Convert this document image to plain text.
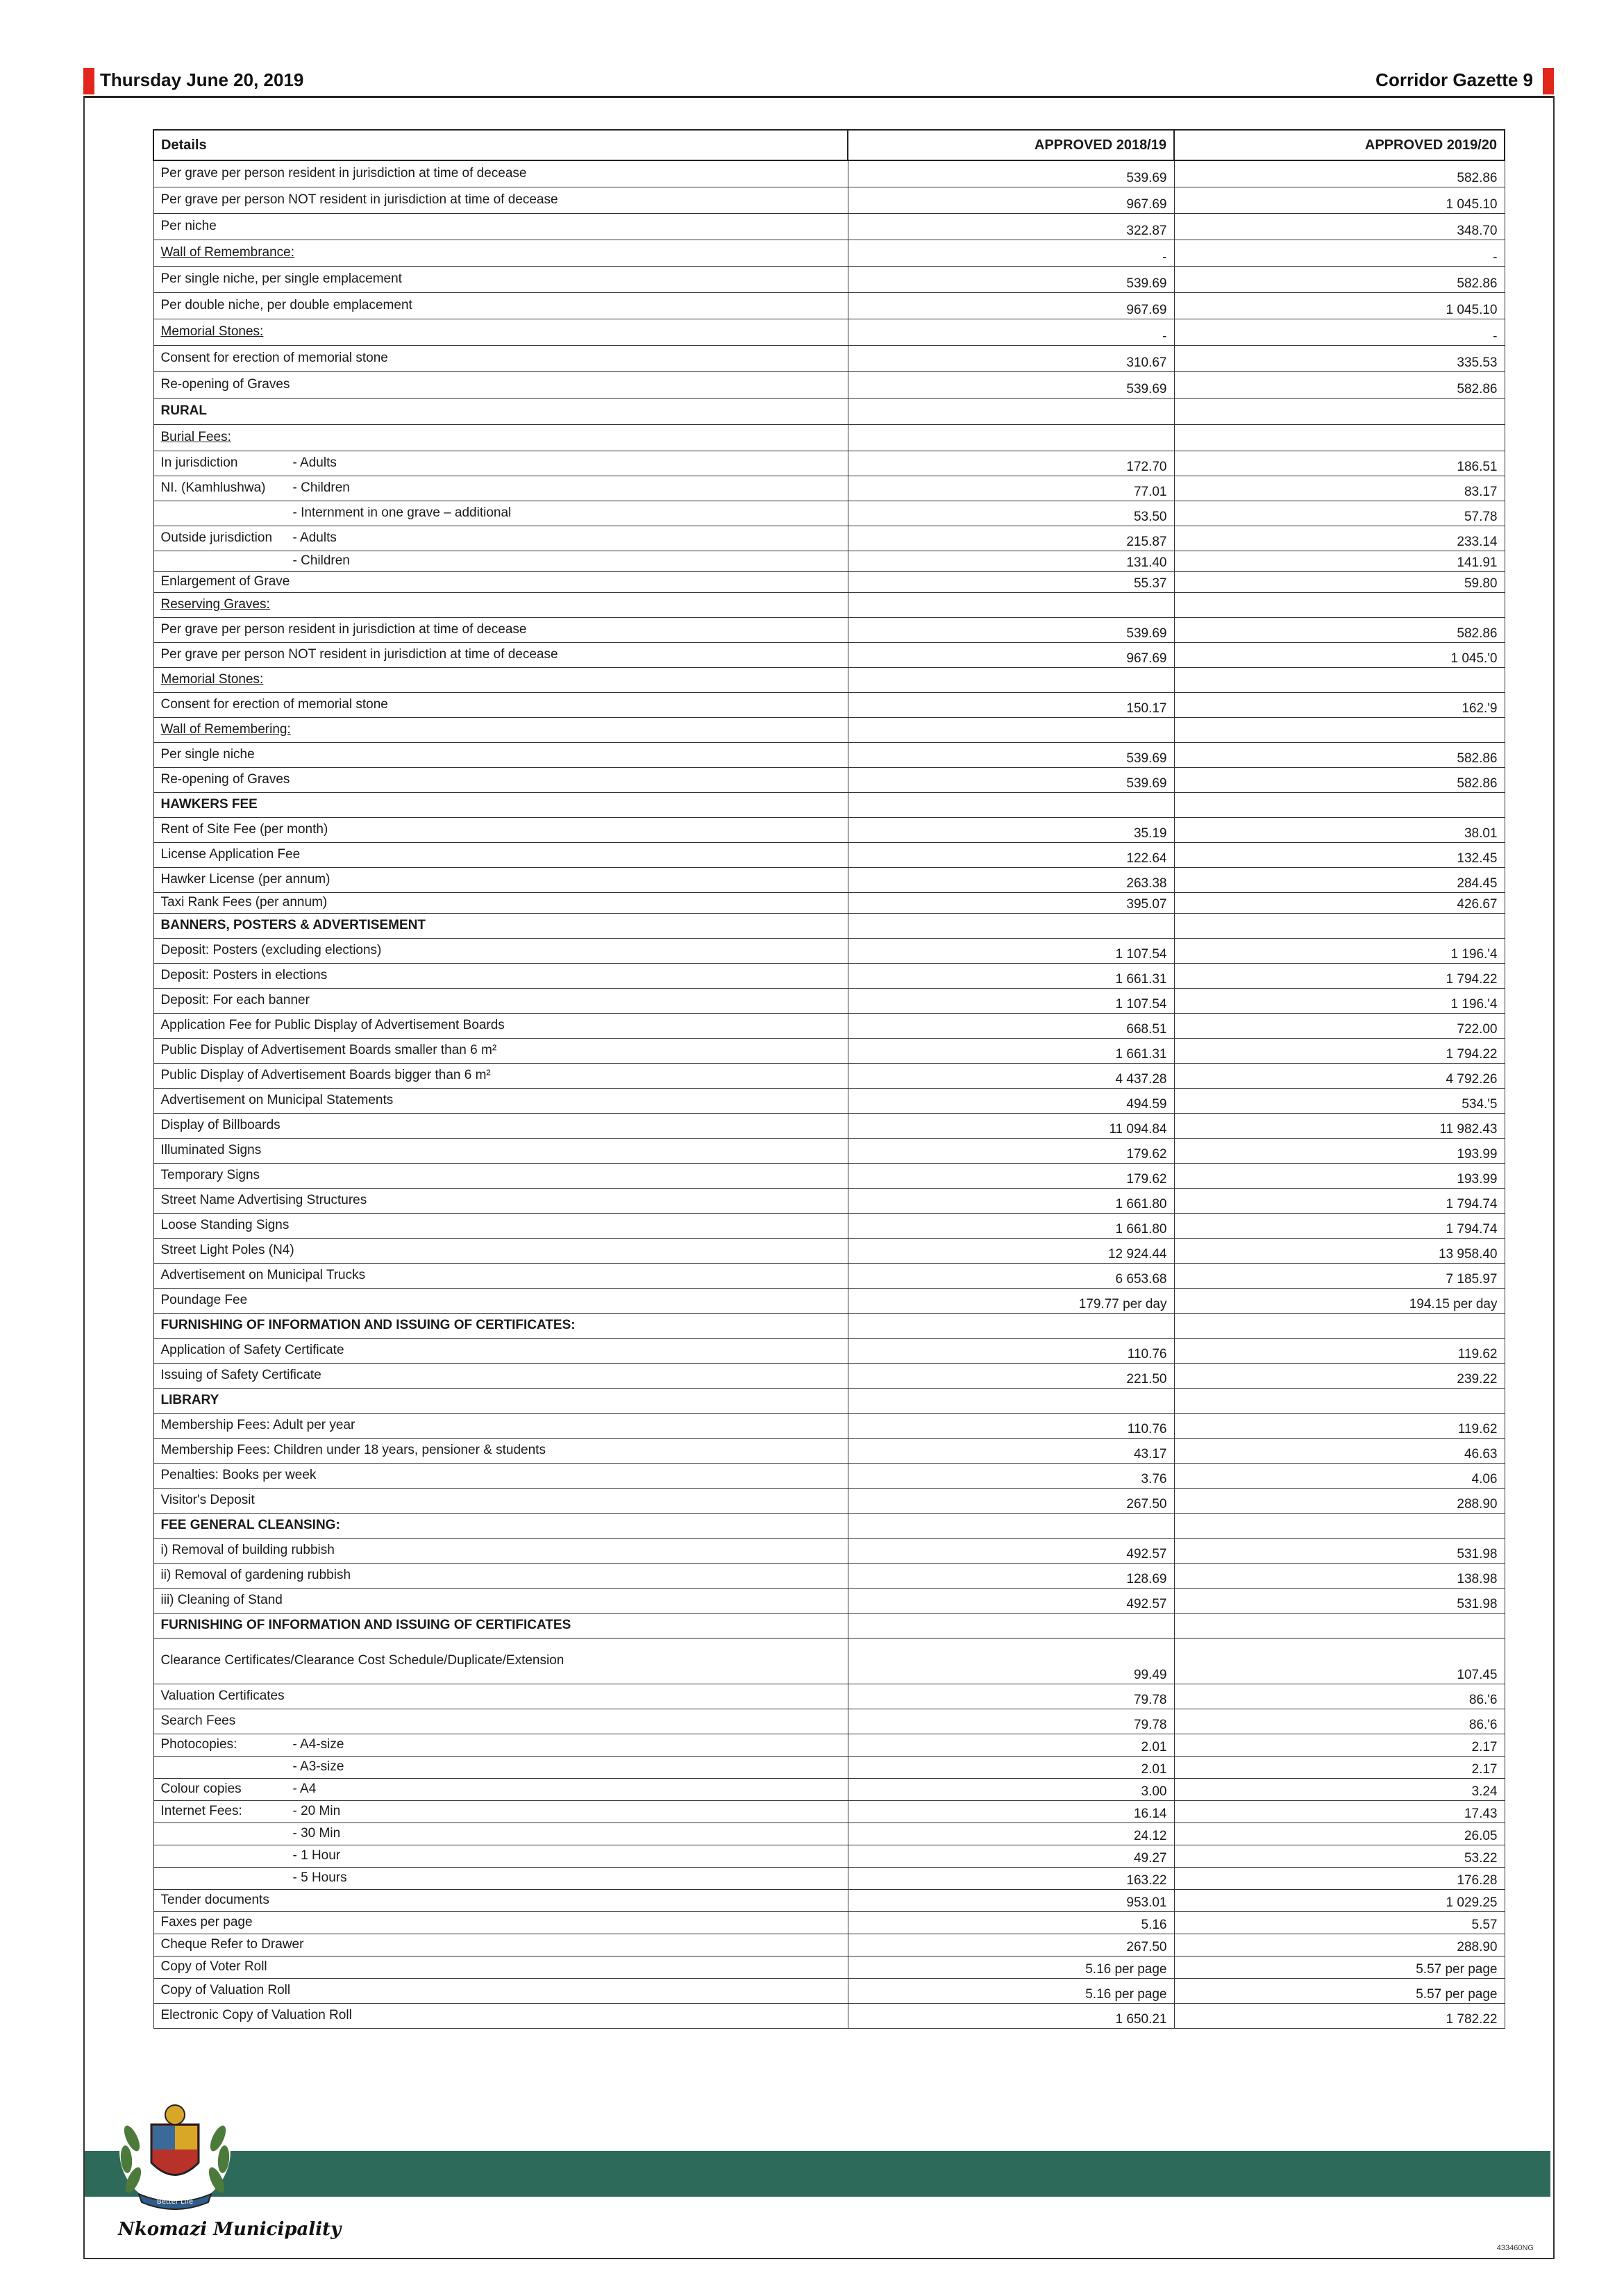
Thursday June 20, 2019	Corridor Gazette 9
Details	APPROVED 2018/19	APPROVED 2019/20
Per grave per person resident in jurisdiction at time of decease	539.69	582.86
Per grave per person NOT resident in jurisdiction at time of decease	967.69	1 045.10
Per niche	322.87	348.70
Wall of Remembrance:	-	-
Per single niche, per single emplacement	539.69	582.86
Per double niche, per double emplacement	967.69	1 045.10
Memorial Stones:	-	-
Consent for erection of memorial stone	310.67	335.53
Re-opening of Graves	539.69	582.86
RURAL		
Burial Fees:		
In jurisdiction - Adults	172.70	186.51
NI. (Kamhlushwa) - Children	77.01	83.17
- Internment in one grave – additional	53.50	57.78
Outside jurisdiction - Adults	215.87	233.14
- Children	131.40	141.91
Enlargement of Grave	55.37	59.80
Reserving Graves:		
Per grave per person resident in jurisdiction at time of decease	539.69	582.86
Per grave per person NOT resident in jurisdiction at time of decease	967.69	1 045.'0
Memorial Stones:		
Consent for erection of memorial stone	150.17	162.'9
Wall of Remembering:		
Per single niche	539.69	582.86
Re-opening of Graves	539.69	582.86
HAWKERS FEE		
Rent of Site Fee (per month)	35.19	38.01
License Application Fee	122.64	132.45
Hawker License (per annum)	263.38	284.45
Taxi Rank Fees (per annum)	395.07	426.67
BANNERS, POSTERS & ADVERTISEMENT		
Deposit: Posters (excluding elections)	1 107.54	1 196.'4
Deposit: Posters in elections	1 661.31	1 794.22
Deposit: For each banner	1 107.54	1 196.'4
Application Fee for Public Display of Advertisement Boards	668.51	722.00
Public Display of Advertisement Boards smaller than 6 m²	1 661.31	1 794.22
Public Display of Advertisement Boards bigger than 6 m²	4 437.28	4 792.26
Advertisement on Municipal Statements	494.59	534.'5
Display of Billboards	11 094.84	11 982.43
Illuminated Signs	179.62	193.99
Temporary Signs	179.62	193.99
Street Name Advertising Structures	1 661.80	1 794.74
Loose Standing Signs	1 661.80	1 794.74
Street Light Poles (N4)	12 924.44	13 958.40
Advertisement on Municipal Trucks	6 653.68	7 185.97
Poundage Fee	179.77 per day	194.15 per day
FURNISHING OF INFORMATION AND ISSUING OF CERTIFICATES:		
Application of Safety Certificate	110.76	119.62
Issuing of Safety Certificate	221.50	239.22
LIBRARY		
Membership Fees: Adult per year	110.76	119.62
Membership Fees: Children under 18 years, pensioner & students	43.17	46.63
Penalties: Books per week	3.76	4.06
Visitor's Deposit	267.50	288.90
FEE GENERAL CLEANSING:		
i) Removal of building rubbish	492.57	531.98
ii) Removal of gardening rubbish	128.69	138.98
iii) Cleaning of Stand	492.57	531.98
FURNISHING OF INFORMATION AND ISSUING OF CERTIFICATES		
Clearance Certificates/Clearance Cost Schedule/Duplicate/Extension	99.49	107.45
Valuation Certificates	79.78	86.'6
Search Fees	79.78	86.'6
Photocopies: - A4-size	2.01	2.17
- A3-size	2.01	2.17
Colour copies - A4	3.00	3.24
Internet Fees: - 20 Min	16.14	17.43
- 30 Min	24.12	26.05
- 1 Hour	49.27	53.22
- 5 Hours	163.22	176.28
Tender documents	953.01	1 029.25
Faxes per page	5.16	5.57
Cheque Refer to Drawer	267.50	288.90
Copy of Voter Roll	5.16 per page	5.57 per page
Copy of Valuation Roll	5.16 per page	5.57 per page
Electronic Copy of Valuation Roll	1 650.21	1 782.22
Better Life
Nkomazi Municipality
433460NG
